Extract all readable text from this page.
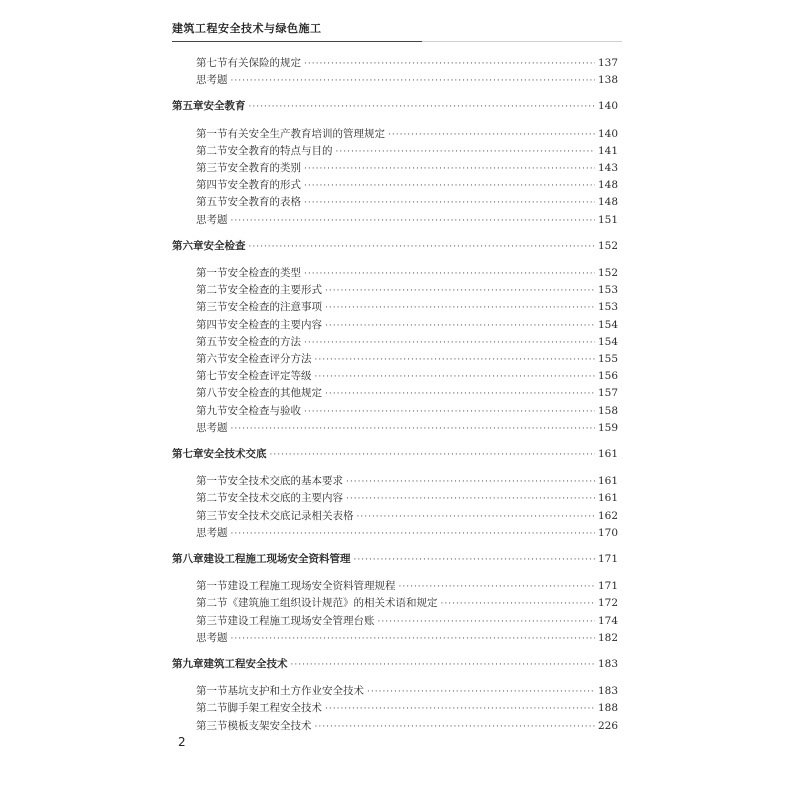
建筑工程安全技术与绿色施工
第七节 有关保险的规定 ·····	137
思考题 ·····	138
第五章 安全教育 ·····	140
第一节 有关安全生产教育培训的管理规定 ·····	140
第二节 安全教育的特点与目的 ·····	141
第三节 安全教育的类别 ·····	143
第四节 安全教育的形式 ·····	148
第五节 安全教育的表格 ·····	148
思考题 ·····	151
第六章 安全检查 ·····	152
第一节 安全检查的类型 ·····	152
第二节 安全检查的主要形式 ·····	153
第三节 安全检查的注意事项 ·····	153
第四节 安全检查的主要内容 ·····	154
第五节 安全检查的方法 ·····	154
第六节 安全检查评分方法 ·····	155
第七节 安全检查评定等级 ·····	156
第八节 安全检查的其他规定 ·····	157
第九节 安全检查与验收 ·····	158
思考题 ·····	159
第七章 安全技术交底 ·····	161
第一节 安全技术交底的基本要求 ·····	161
第二节 安全技术交底的主要内容 ·····	161
第三节 安全技术交底记录相关表格 ·····	162
思考题 ·····	170
第八章 建设工程施工现场安全资料管理 ·····	171
第一节 建设工程施工现场安全资料管理规程 ·····	171
第二节 《建筑施工组织设计规范》的相关术语和规定 ·····	172
第三节 建设工程施工现场安全管理台账 ·····	174
思考题 ·····	182
第九章 建筑工程安全技术 ·····	183
第一节 基坑支护和土方作业安全技术 ·····	183
第二节 脚手架工程安全技术 ·····	188
第三节 模板支架安全技术 ·····	226
2
